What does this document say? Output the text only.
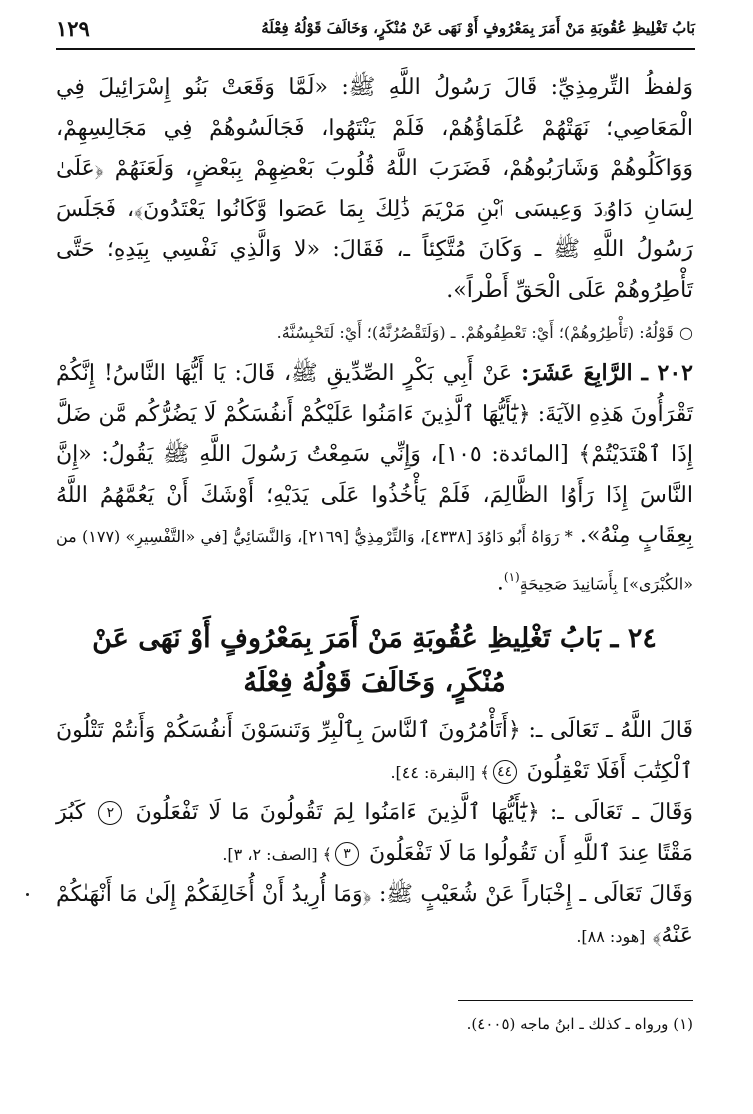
بَابُ تَغْلِيظِ عُقُوبَةِ مَنْ أَمَرَ بِمَعْرُوفٍ أَوْ نَهَى عَنْ مُنْكَرٍ، وَخَالَفَ قَوْلُهُ فِعْلَهُ
١٢٩

وَلفظُ التِّرمِذِيِّ: قَالَ رَسُولُ اللَّهِ ﷺ: «لَمَّا وَقَعَتْ بَنُو إِسْرَائِيلَ فِي الْمَعَاصِي؛ نَهَتْهُمْ عُلَمَاؤُهُمْ، فَلَمْ يَنْتَهُوا، فَجَالَسُوهُمْ فِي مَجَالِسِهِمْ، وَوَاكَلُوهُمْ وَشَارَبُوهُمْ، فَضَرَبَ اللَّهُ قُلُوبَ بَعْضِهِمْ بِبَعْضٍ، وَلَعَنَهُمْ ﴿عَلَىٰ لِسَانِ دَاوُۥدَ وَعِيسَى ٱبْنِ مَرْيَمَ ذَٰلِكَ بِمَا عَصَوا وَّكَانُوا يَعْتَدُونَ﴾، فَجَلَسَ رَسُولُ اللَّهِ ﷺ ـ وَكَانَ مُتَّكِئاً ـ، فَقَالَ: «لا وَالَّذِي نَفْسِي بِيَدِهِ؛ حَتَّى تَأْطِرُوهُمْ عَلَى الْحَقِّ أَطْراً».

○ قَوْلُهُ: (تَأْطِرُوهُمْ)؛ أَيْ: تَعْطِفُوهُمْ. ـ (وَلَتَقْصُرُنَّهُ)؛ أَيْ: لَتَحْبِسُنَّهُ.

٢٠٢ ـ الرَّابِعَ عَشَرَ: عَنْ أَبِي بَكْرٍ الصِّدِّيقِ ﷺ، قَالَ: يَا أَيُّهَا النَّاسُ! إِنَّكُمْ تَقْرَأُونَ هَذِهِ الآيَةَ: ﴿يَٰٓأَيُّهَا ٱلَّذِينَ ءَامَنُوا عَلَيْكُمْ أَنفُسَكُمْ لَا يَضُرُّكُم مَّن ضَلَّ إِذَا ٱهْتَدَيْتُمْ﴾ [المائدة: ١٠٥]، وَإِنِّي سَمِعْتُ رَسُولَ اللَّهِ ﷺ يَقُولُ: «إِنَّ النَّاسَ إِذَا رَأَوُا الظَّالِمَ، فَلَمْ يَأْخُذُوا عَلَى يَدَيْهِ؛ أَوْشَكَ أَنْ يَعُمَّهُمُ اللَّهُ بِعِقَابٍ مِنْهُ». * رَوَاهُ أَبُو دَاوُدَ [٤٣٣٨]، وَالتِّرْمِذِيُّ [٢١٦٩]، وَالنَّسَائِيُّ [في «التَّفْسِيرِ» (١٧٧) من «الكُبْرَى»] بِأَسَانِيدَ صَحِيحَةٍ$^{(١)}$.

٢٤ ـ بَابُ تَغْلِيظِ عُقُوبَةِ مَنْ أَمَرَ بِمَعْرُوفٍ أَوْ نَهَى عَنْ مُنْكَرٍ، وَخَالَفَ قَوْلُهُ فِعْلَهُ

قَالَ اللَّهُ ـ تَعَالَى ـ: ﴿أَتَأْمُرُونَ ٱلنَّاسَ بِٱلْبِرِّ وَتَنسَوْنَ أَنفُسَكُمْ وَأَنتُمْ تَتْلُونَ ٱلْكِتَٰبَ أَفَلَا تَعْقِلُونَ ٤٤﴾ [البقرة: ٤٤].

وَقَالَ ـ تَعَالَى ـ: ﴿يَٰٓأَيُّهَا ٱلَّذِينَ ءَامَنُوا لِمَ تَقُولُونَ مَا لَا تَفْعَلُونَ ٢ كَبُرَ مَقْتًا عِندَ ٱللَّهِ أَن تَقُولُوا مَا لَا تَفْعَلُونَ ٣﴾ [الصف: ٢، ٣].

وَقَالَ تَعَالَى ـ إِخْبَاراً عَنْ شُعَيْبٍ ﷺ: ﴿وَمَا أُرِيدُ أَنْ أُخَالِفَكُمْ إِلَىٰ مَا أَنْهَىٰكُمْ عَنْهُ﴾ [هود: ٨٨].

(١) ورواه ـ كذلك ـ ابنُ ماجه (٤٠٠٥).
